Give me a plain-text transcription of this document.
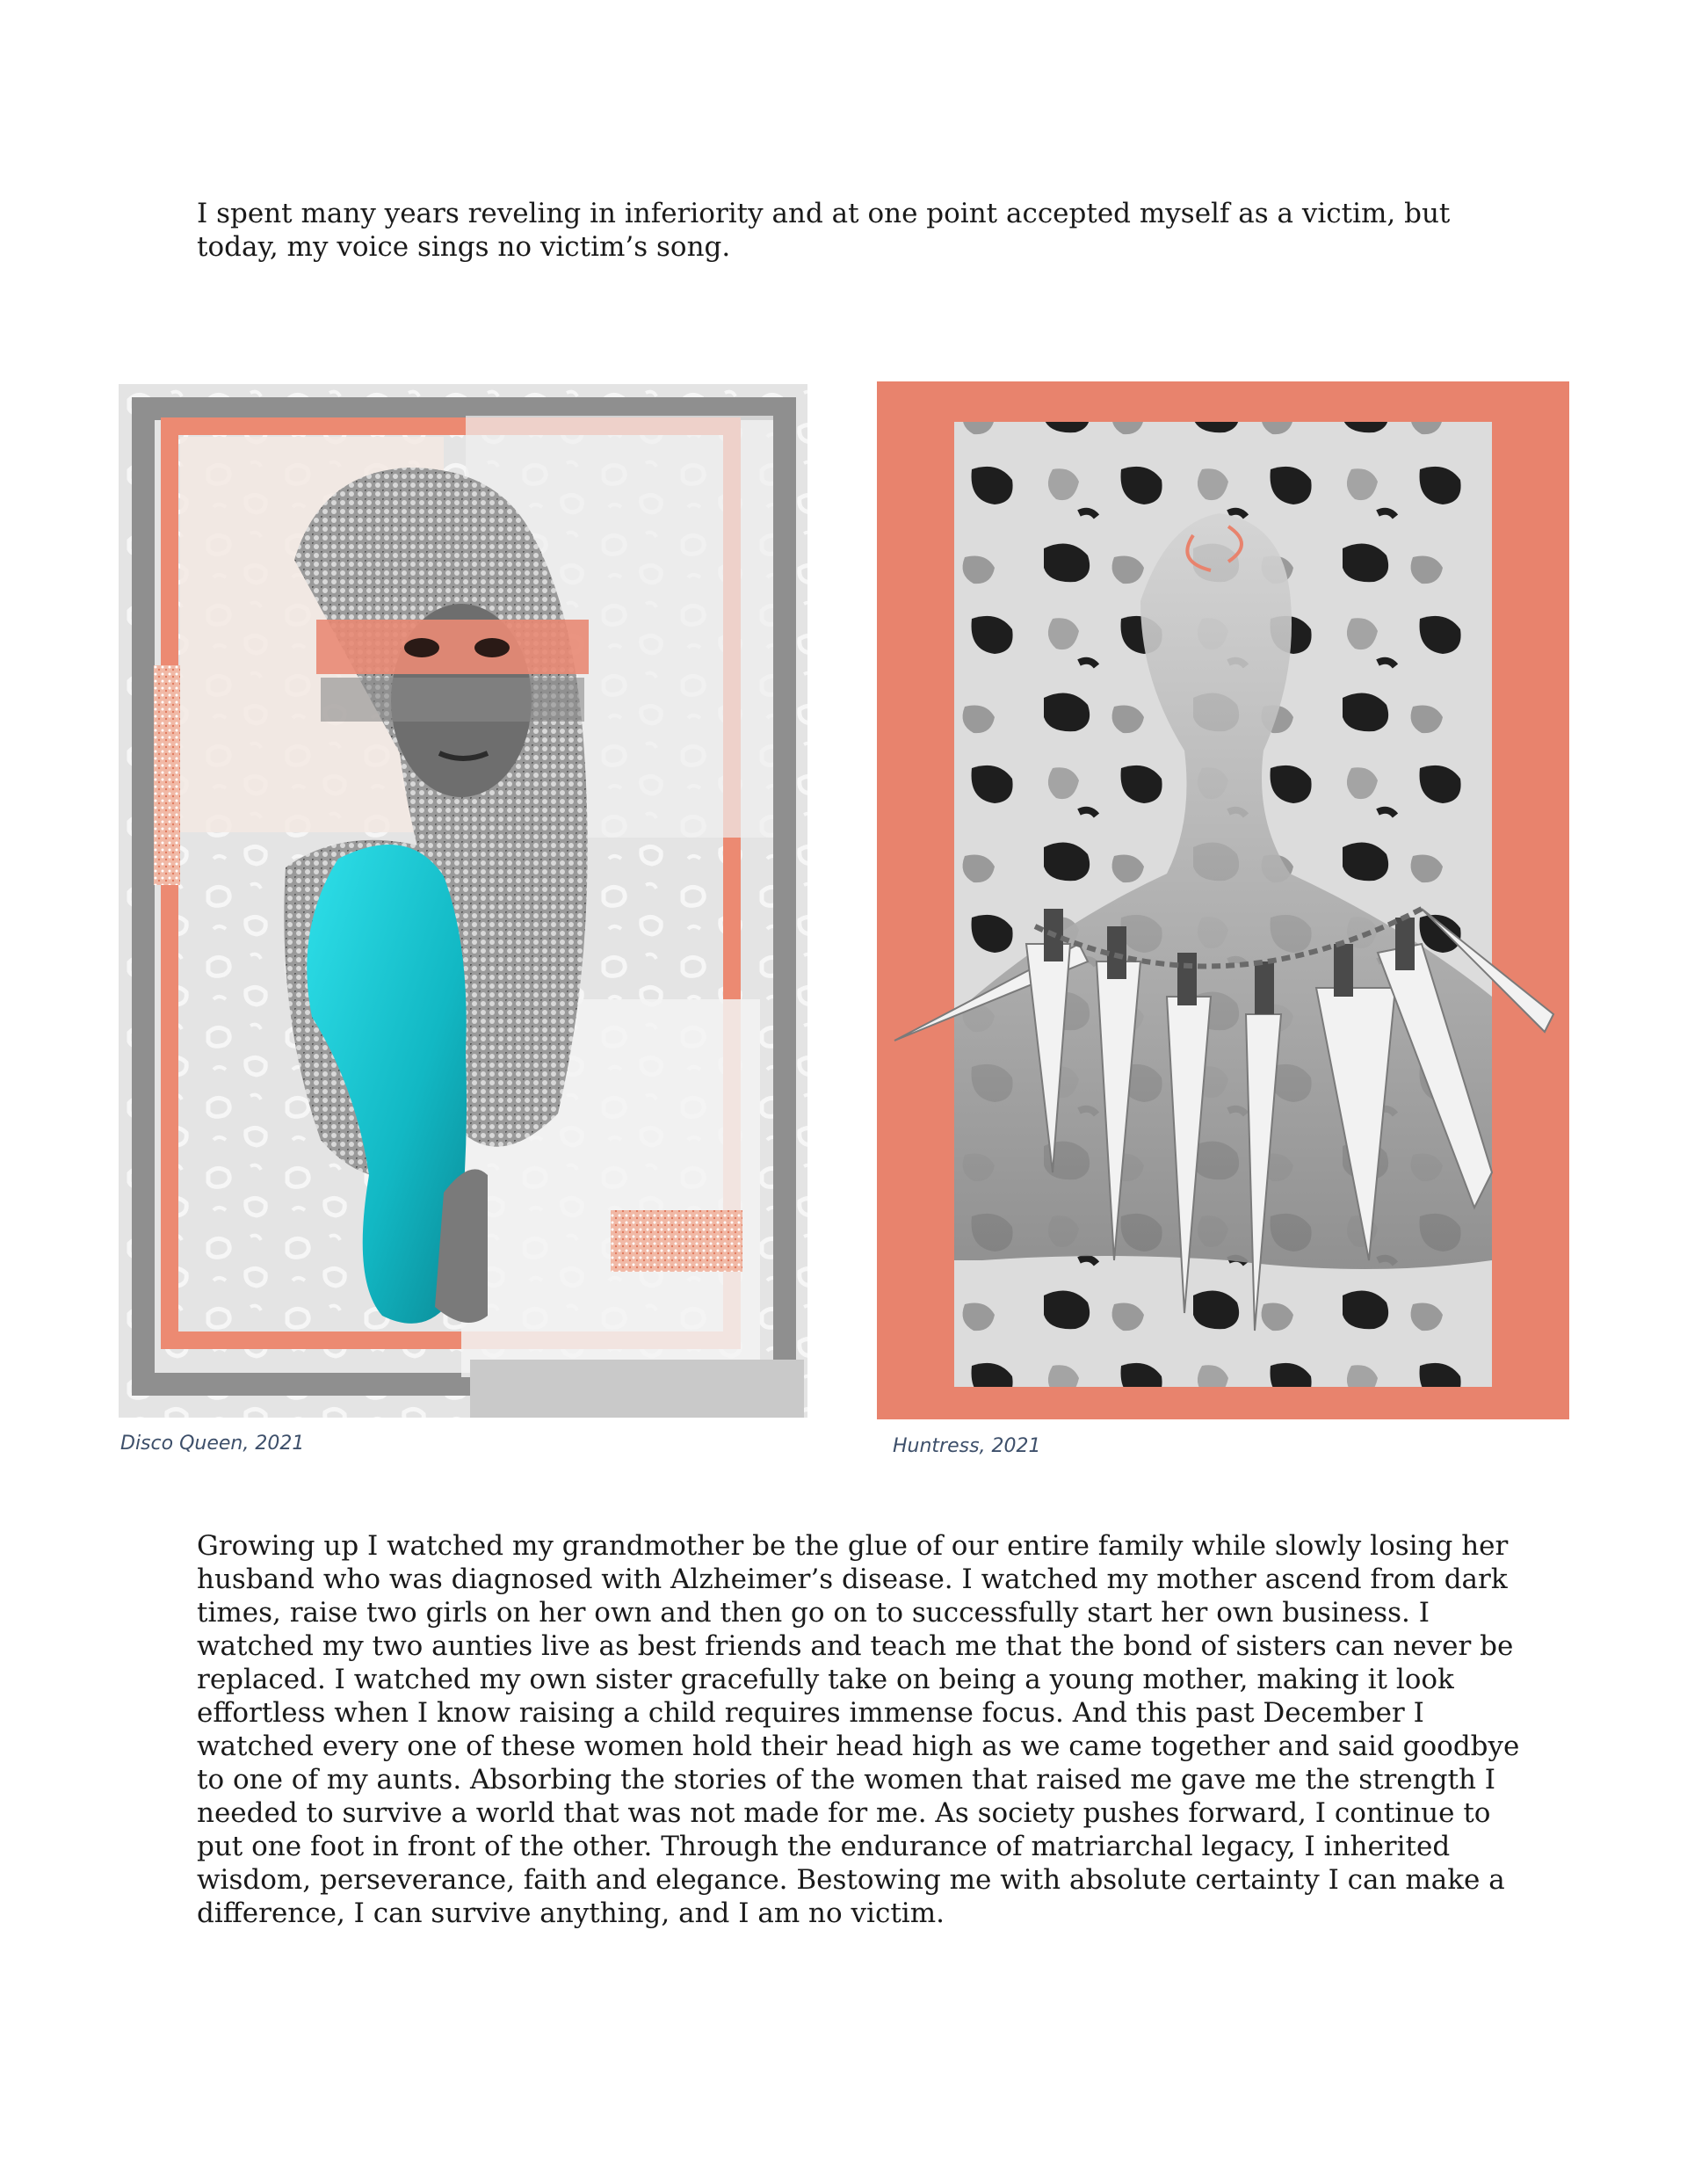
I spent many years reveling in inferiority and at one point accepted myself as a victim, but today, my voice sings no victim’s song.

Disco Queen, 2021	Huntress, 2021

Growing up I watched my grandmother be the glue of our entire family while slowly losing her husband who was diagnosed with Alzheimer’s disease. I watched my mother ascend from dark times, raise two girls on her own and then go on to successfully start her own business. I watched my two aunties live as best friends and teach me that the bond of sisters can never be replaced. I watched my own sister gracefully take on being a young mother, making it look effortless when I know raising a child requires immense focus. And this past December I watched every one of these women hold their head high as we came together and said goodbye to one of my aunts. Absorbing the stories of the women that raised me gave me the strength I needed to survive a world that was not made for me. As society pushes forward, I continue to put one foot in front of the other. Through the endurance of matriarchal legacy, I inherited wisdom, perseverance, faith and elegance. Bestowing me with absolute certainty I can make a difference, I can survive anything, and I am no victim.
